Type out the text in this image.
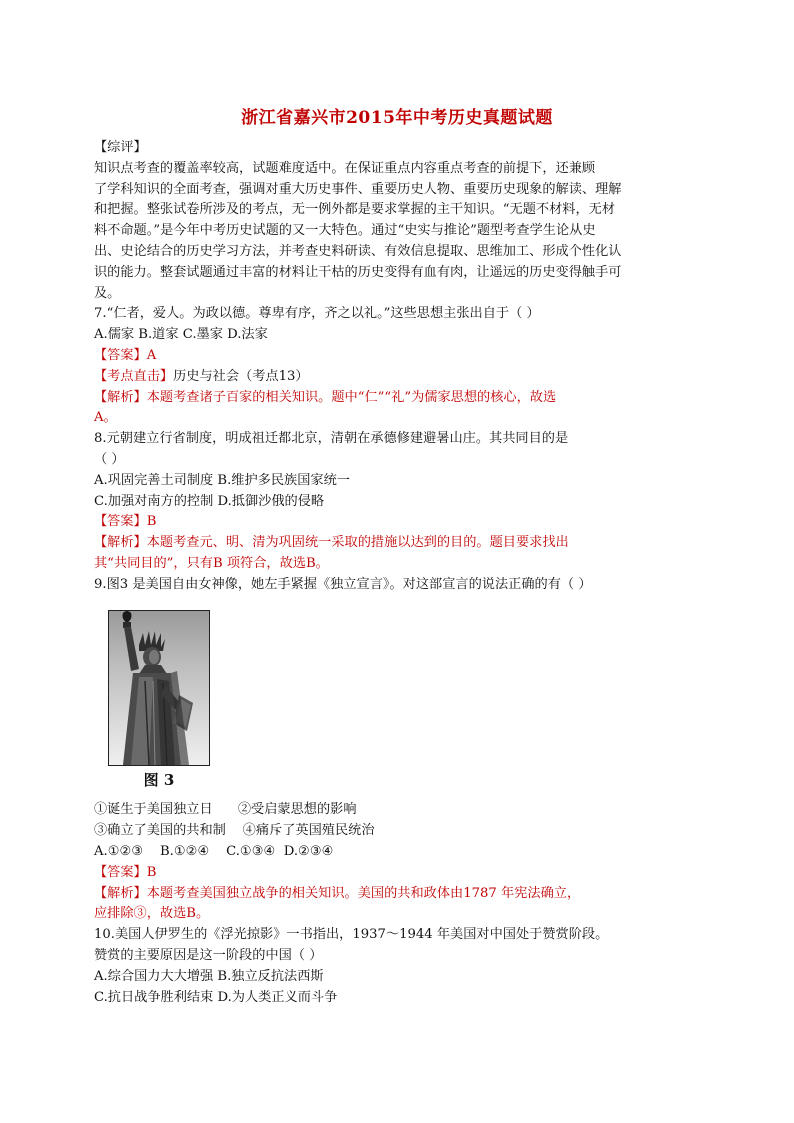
浙江省嘉兴市2015年中考历史真题试题
【综评】
知识点考查的覆盖率较高，试题难度适中。在保证重点内容重点考查的前提下，还兼顾
了学科知识的全面考查，强调对重大历史事件、重要历史人物、重要历史现象的解读、理解
和把握。整张试卷所涉及的考点，无一例外都是要求掌握的主干知识。“无题不材料，无材
料不命题。”是今年中考历史试题的又一大特色。通过“史实与推论”题型考查学生论从史
出、史论结合的历史学习方法，并考查史料研读、有效信息提取、思维加工、形成个性化认
识的能力。整套试题通过丰富的材料让干枯的历史变得有血有肉，让遥远的历史变得触手可
及。
7.“仁者，爱人。为政以德。尊卑有序，齐之以礼。”这些思想主张出自于（ ）
A.儒家 B.道家 C.墨家 D.法家
【答案】A
【考点直击】历史与社会（考点13）
【解析】本题考查诸子百家的相关知识。题中“仁”“礼”为儒家思想的核心，故选
A。
8.元朝建立行省制度，明成祖迁都北京，清朝在承德修建避暑山庄。其共同目的是
（ ）
A.巩固完善土司制度 B.维护多民族国家统一
C.加强对南方的控制 D.抵御沙俄的侵略
【答案】B
【解析】本题考查元、明、清为巩固统一采取的措施以达到的目的。题目要求找出
其“共同目的”，只有B 项符合，故选B。
9.图3 是美国自由女神像，她左手紧握《独立宣言》。对这部宣言的说法正确的有（ ）
图 3
①诞生于美国独立日      ②受启蒙思想的影响
③确立了美国的共和制    ④痛斥了英国殖民统治
A.①②③    B.①②④    C.①③④  D.②③④
【答案】B
【解析】本题考查美国独立战争的相关知识。美国的共和政体由1787 年宪法确立，
应排除③，故选B。
10.美国人伊罗生的《浮光掠影》一书指出，1937～1944 年美国对中国处于赞赏阶段。
赞赏的主要原因是这一阶段的中国（ ）
A.综合国力大大增强 B.独立反抗法西斯
C.抗日战争胜利结束 D.为人类正义而斗争
